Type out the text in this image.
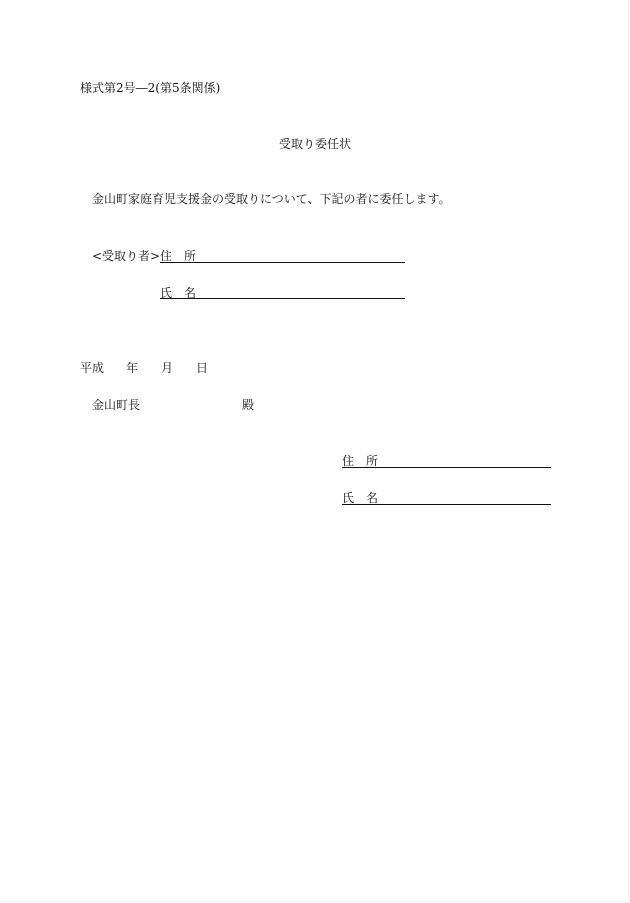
様式第2号―2(第5条関係)
受取り委任状
金山町家庭育児支援金の受取りについて、下記の者に委任します。
<受取り者> 住　所
氏　名
平成 年 月 日
金山町長	殿
住　所
氏　名
